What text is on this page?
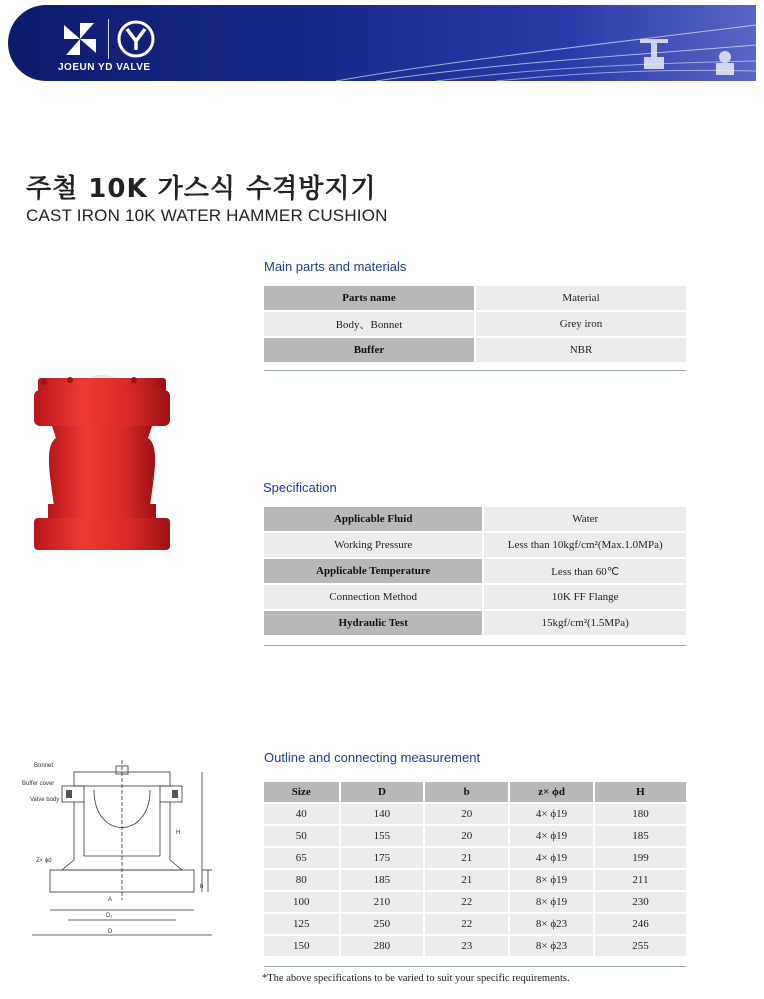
JOEUN YD VALVE
주철 10K 가스식 수격방지기
CAST IRON 10K WATER HAMMER CUSHION
Main parts and materials
Parts name	Material
Body、Bonnet	Grey iron
Buffer	NBR
Specification
Applicable Fluid	Water
Working Pressure	Less than 10kgf/cm²(Max.1.0MPa)
Applicable Temperature	Less than 60℃
Connection Method	10K FF Flange
Hydraulic Test	15kgf/cm²(1.5MPa)
Bonnet
Buffer cover
Valve body
Z× ϕd
H
b
A
D₁
D
Outline and connecting measurement
Size	D	b	z× ϕd	H
40	140	20	4× ϕ19	180
50	155	20	4× ϕ19	185
65	175	21	4× ϕ19	199
80	185	21	8× ϕ19	211
100	210	22	8× ϕ19	230
125	250	22	8× ϕ23	246
150	280	23	8× ϕ23	255
*The above specifications to be varied to suit your specific requirements.
